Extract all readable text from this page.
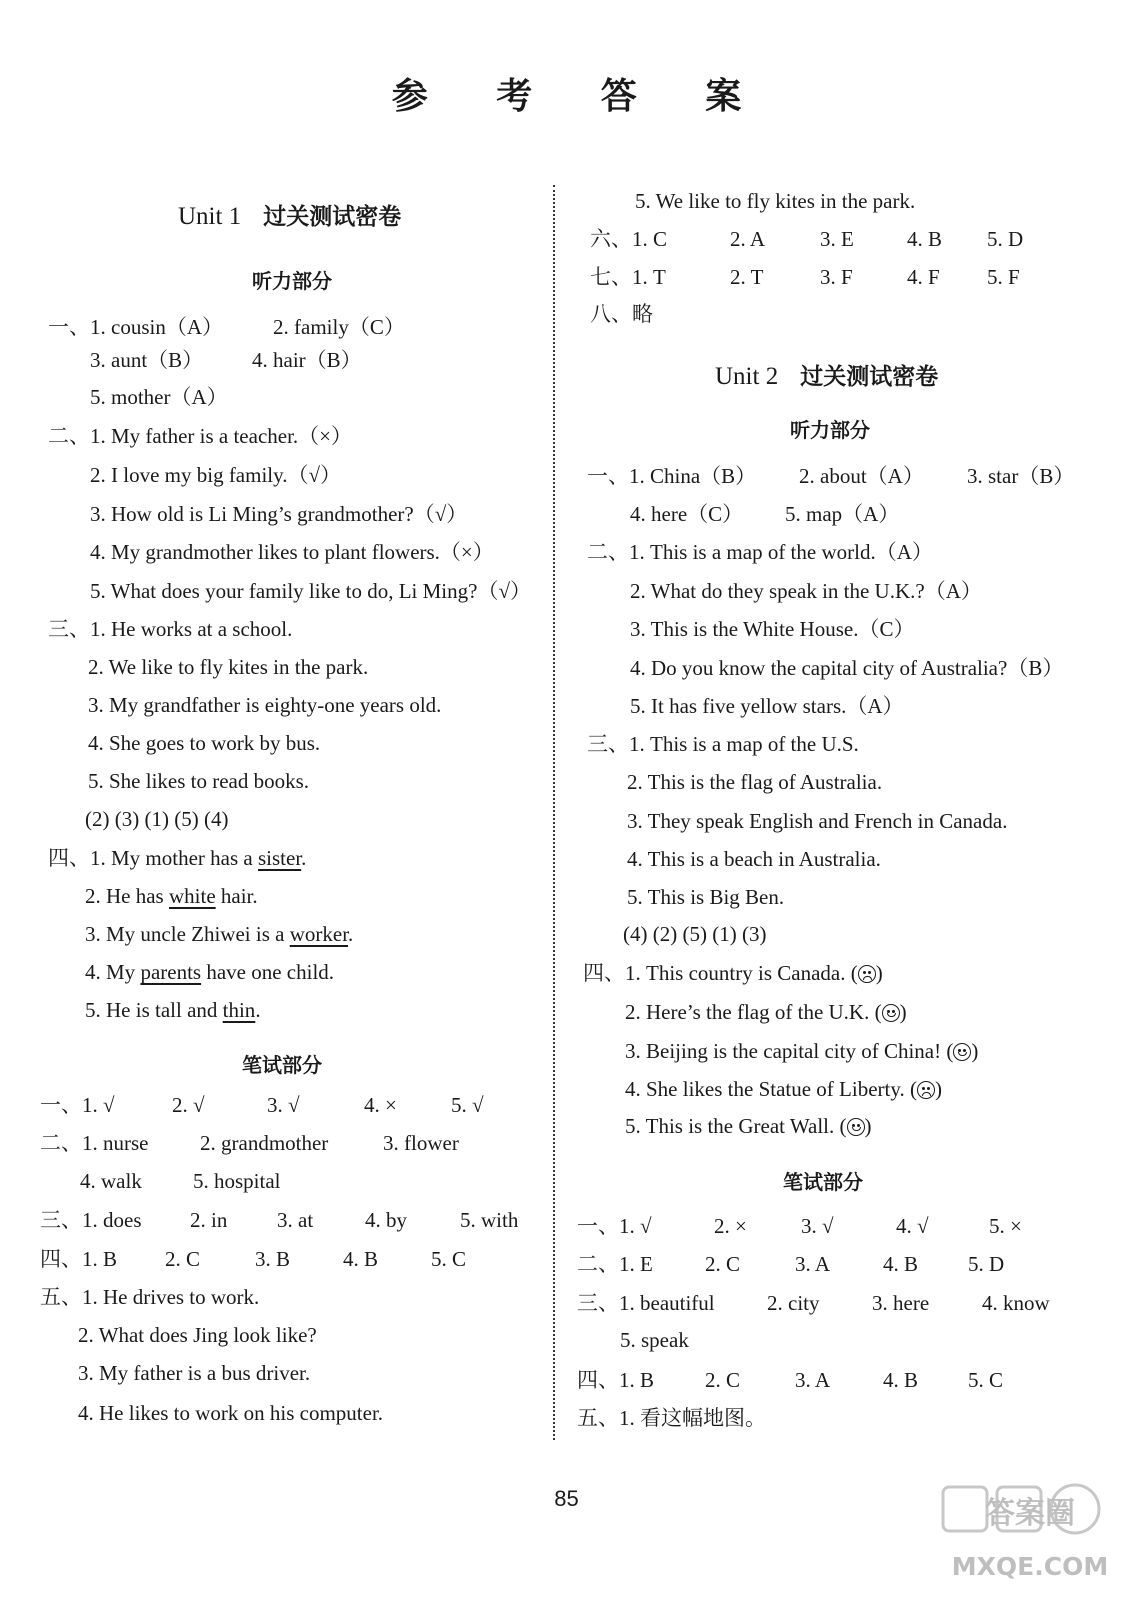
参 考 答 案
Unit 1 过关测试密卷
听力部分
一、1. cousin（A） 2. family（C）
3. aunt（B） 4. hair（B）
5. mother（A）
二、1. My father is a teacher.（×）
2. I love my big family.（√）
3. How old is Li Ming’s grandmother?（√）
4. My grandmother likes to plant flowers.（×）
5. What does your family like to do, Li Ming?（√）
三、1. He works at a school.
2. We like to fly kites in the park.
3. My grandfather is eighty-one years old.
4. She goes to work by bus.
5. She likes to read books.
(2) (3) (1) (5) (4)
四、1. My mother has a sister.
2. He has white hair.
3. My uncle Zhiwei is a worker.
4. My parents have one child.
5. He is tall and thin.
笔试部分
一、1. √	2. √	3. √	4. ×	5. √
二、1. nurse 2. grandmother	3. flower
4. walk 5. hospital
三、1. does 2. in 3. at 4. by	5. with
四、1. B 2. C	3. B	4. B	5. C
五、1. He drives to work.
2. What does Jing look like?
3. My father is a bus driver.
4. He likes to work on his computer.
5. We like to fly kites in the park.
六、1. C	2. A	3. E	4. B 5. D
七、1. T	2. T	3. F	4. F 5. F
八、略
Unit 2 过关测试密卷
听力部分
一、1. China（B） 2. about（A） 3. star（B）
4. here（C） 5. map（A）
二、1. This is a map of the world.（A）
2. What do they speak in the U.K.?（A）
3. This is the White House.（C）
4. Do you know the capital city of Australia?（B）
5. It has five yellow stars.（A）
三、1. This is a map of the U.S.
2. This is the flag of Australia.
3. They speak English and French in Canada.
4. This is a beach in Australia.
5. This is Big Ben.
(4) (2) (5) (1) (3)
四、1. This country is Canada. ( )
2. Here’s the flag of the U.K. ( )
3. Beijing is the capital city of China! ( )
4. She likes the Statue of Liberty. ( )
5. This is the Great Wall. ( )
笔试部分
一、1. √	2. ×	3. √	4. √	5. ×
二、1. E 2. C	3. A	4. B 5. D
三、1. beautiful 2. city	3. here	4. know
5. speak
四、1. B 2. C	3. A	4. B 5. C
五、1. 看这幅地图。
85	答案圈
MXQE.COM
